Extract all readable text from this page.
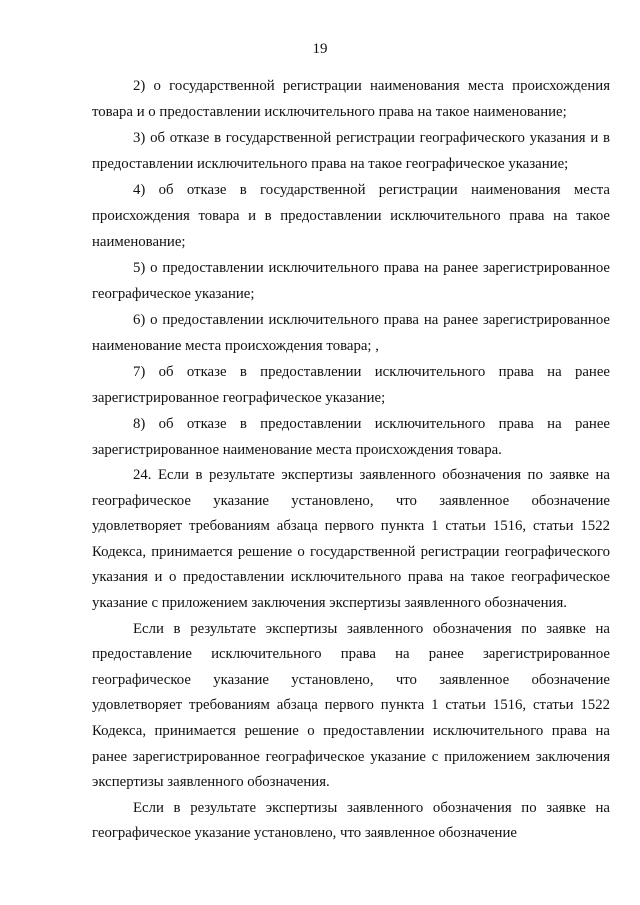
19

2) о государственной регистрации наименования места происхождения товара и о предоставлении исключительного права на такое наименование;

3) об отказе в государственной регистрации географического указания и в предоставлении исключительного права на такое географическое указание;

4) об отказе в государственной регистрации наименования места происхождения товара и в предоставлении исключительного права на такое наименование;

5) о предоставлении исключительного права на ранее зарегистрированное географическое указание;

6) о предоставлении исключительного права на ранее зарегистрированное наименование места происхождения товара; ,

7) об отказе в предоставлении исключительного права на ранее зарегистрированное географическое указание;

8) об отказе в предоставлении исключительного права на ранее зарегистрированное наименование места происхождения товара.

24. Если в результате экспертизы заявленного обозначения по заявке на географическое указание установлено, что заявленное обозначение удовлетворяет требованиям абзаца первого пункта 1 статьи 1516, статьи 1522 Кодекса, принимается решение о государственной регистрации географического указания и о предоставлении исключительного права на такое географическое указание с приложением заключения экспертизы заявленного обозначения.

Если в результате экспертизы заявленного обозначения по заявке на предоставление исключительного права на ранее зарегистрированное географическое указание установлено, что заявленное обозначение удовлетворяет требованиям абзаца первого пункта 1 статьи 1516, статьи 1522 Кодекса, принимается решение о предоставлении исключительного права на ранее зарегистрированное географическое указание с приложением заключения экспертизы заявленного обозначения.

Если в результате экспертизы заявленного обозначения по заявке на географическое указание установлено, что заявленное обозначение
